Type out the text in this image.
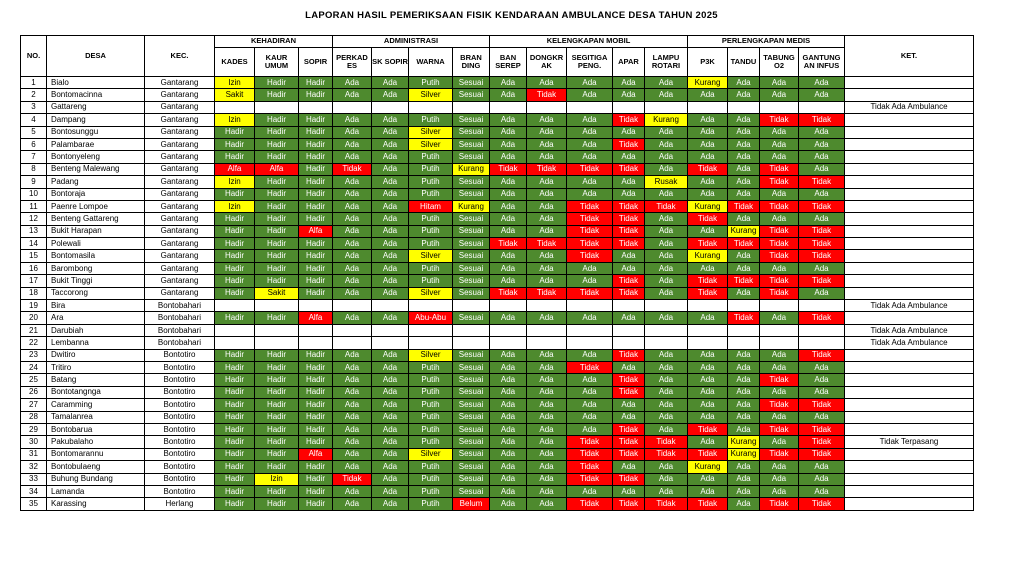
LAPORAN HASIL PEMERIKSAAN FISIK KENDARAAN AMBULANCE DESA TAHUN 2025
NO.	DESA	KEC.	KEHADIRAN			ADMINISTRASI				KELENGKAPAN MOBIL					PERLENGKAPAN MEDIS				KET.
			KADES	KAUR UMUM	SOPIR	PERKAD ES	SK SOPIR	WARNA	BRAN DING	BAN SEREP	DONGKR AK	SEGITIGA PENG.	APAR	LAMPU ROTARI	P3K	TANDU	TABUNG O2	GANTUNG AN INFUS	
1	Bialo	Gantarang	Izin	Hadir	Hadir	Ada	Ada	Putih	Sesuai	Ada	Ada	Ada	Ada	Ada	Kurang	Ada	Ada	Ada	
2	Bontomacinna	Gantarang	Sakit	Hadir	Hadir	Ada	Ada	Silver	Sesuai	Ada	Tidak	Ada	Ada	Ada	Ada	Ada	Ada	Ada	
3	Gattareng	Gantarang																	Tidak Ada Ambulance
4	Dampang	Gantarang	Izin	Hadir	Hadir	Ada	Ada	Putih	Sesuai	Ada	Ada	Ada	Tidak	Kurang	Ada	Ada	Tidak	Tidak	
5	Bontosunggu	Gantarang	Hadir	Hadir	Hadir	Ada	Ada	Silver	Sesuai	Ada	Ada	Ada	Ada	Ada	Ada	Ada	Ada	Ada	
6	Palambarae	Gantarang	Hadir	Hadir	Hadir	Ada	Ada	Silver	Sesuai	Ada	Ada	Ada	Tidak	Ada	Ada	Ada	Ada	Ada	
7	Bontonyeleng	Gantarang	Hadir	Hadir	Hadir	Ada	Ada	Putih	Sesuai	Ada	Ada	Ada	Ada	Ada	Ada	Ada	Ada	Ada	
8	Benteng Malewang	Gantarang	Alfa	Alfa	Hadir	Tidak	Ada	Putih	Kurang	Tidak	Tidak	Tidak	Tidak	Ada	Tidak	Ada	Tidak	Ada	
9	Padang	Gantarang	Izin	Hadir	Hadir	Ada	Ada	Putih	Sesuai	Ada	Ada	Ada	Ada	Rusak	Ada	Ada	Tidak	Tidak	
10	Bontoraja	Gantarang	Hadir	Hadir	Hadir	Ada	Ada	Putih	Sesuai	Ada	Ada	Ada	Ada	Ada	Ada	Ada	Ada	Ada	
11	Paenre Lompoe	Gantarang	Izin	Hadir	Hadir	Ada	Ada	Hitam	Kurang	Ada	Ada	Tidak	Tidak	Tidak	Kurang	Tidak	Tidak	Tidak	
12	Benteng Gattareng	Gantarang	Hadir	Hadir	Hadir	Ada	Ada	Putih	Sesuai	Ada	Ada	Tidak	Tidak	Ada	Tidak	Ada	Ada	Ada	
13	Bukit Harapan	Gantarang	Hadir	Hadir	Alfa	Ada	Ada	Putih	Sesuai	Ada	Ada	Tidak	Tidak	Ada	Ada	Kurang	Tidak	Tidak	
14	Polewali	Gantarang	Hadir	Hadir	Hadir	Ada	Ada	Putih	Sesuai	Tidak	Tidak	Tidak	Tidak	Ada	Tidak	Tidak	Tidak	Tidak	
15	Bontomasila	Gantarang	Hadir	Hadir	Hadir	Ada	Ada	Silver	Sesuai	Ada	Ada	Tidak	Ada	Ada	Kurang	Ada	Tidak	Tidak	
16	Barombong	Gantarang	Hadir	Hadir	Hadir	Ada	Ada	Putih	Sesuai	Ada	Ada	Ada	Ada	Ada	Ada	Ada	Ada	Ada	
17	Bukit Tinggi	Gantarang	Hadir	Hadir	Hadir	Ada	Ada	Putih	Sesuai	Ada	Ada	Ada	Tidak	Ada	Tidak	Tidak	Tidak	Tidak	
18	Taccorong	Gantarang	Hadir	Sakit	Hadir	Ada	Ada	Silver	Sesuai	Tidak	Tidak	Tidak	Tidak	Ada	Tidak	Ada	Tidak	Ada	
19	Bira	Bontobahari																	Tidak Ada Ambulance
20	Ara	Bontobahari	Hadir	Hadir	Alfa	Ada	Ada	Abu-Abu	Sesuai	Ada	Ada	Ada	Ada	Ada	Ada	Tidak	Ada	Tidak	
21	Darubiah	Bontobahari																	Tidak Ada Ambulance
22	Lembanna	Bontobahari																	Tidak Ada Ambulance
23	Dwitiro	Bontotiro	Hadir	Hadir	Hadir	Ada	Ada	Silver	Sesuai	Ada	Ada	Ada	Tidak	Ada	Ada	Ada	Ada	Tidak	
24	Tritiro	Bontotiro	Hadir	Hadir	Hadir	Ada	Ada	Putih	Sesuai	Ada	Ada	Tidak	Ada	Ada	Ada	Ada	Ada	Ada	
25	Batang	Bontotiro	Hadir	Hadir	Hadir	Ada	Ada	Putih	Sesuai	Ada	Ada	Ada	Tidak	Ada	Ada	Ada	Tidak	Ada	
26	Bontotangnga	Bontotiro	Hadir	Hadir	Hadir	Ada	Ada	Putih	Sesuai	Ada	Ada	Ada	Tidak	Ada	Ada	Ada	Ada	Ada	
27	Caramming	Bontotiro	Hadir	Hadir	Hadir	Ada	Ada	Putih	Sesuai	Ada	Ada	Ada	Ada	Ada	Ada	Ada	Tidak	Tidak	
28	Tamalanrea	Bontotiro	Hadir	Hadir	Hadir	Ada	Ada	Putih	Sesuai	Ada	Ada	Ada	Ada	Ada	Ada	Ada	Ada	Ada	
29	Bontobarua	Bontotiro	Hadir	Hadir	Hadir	Ada	Ada	Putih	Sesuai	Ada	Ada	Ada	Tidak	Ada	Tidak	Ada	Tidak	Tidak	
30	Pakubalaho	Bontotiro	Hadir	Hadir	Hadir	Ada	Ada	Putih	Sesuai	Ada	Ada	Tidak	Tidak	Tidak	Ada	Kurang	Ada	Tidak	Tidak Terpasang
31	Bontomarannu	Bontotiro	Hadir	Hadir	Alfa	Ada	Ada	Silver	Sesuai	Ada	Ada	Tidak	Tidak	Tidak	Tidak	Kurang	Tidak	Tidak	
32	Bontobulaeng	Bontotiro	Hadir	Hadir	Hadir	Ada	Ada	Putih	Sesuai	Ada	Ada	Tidak	Ada	Ada	Kurang	Ada	Ada	Ada	
33	Buhung Bundang	Bontotiro	Hadir	Izin	Hadir	Tidak	Ada	Putih	Sesuai	Ada	Ada	Tidak	Tidak	Ada	Ada	Ada	Ada	Ada	
34	Lamanda	Bontotiro	Hadir	Hadir	Hadir	Ada	Ada	Putih	Sesuai	Ada	Ada	Ada	Ada	Ada	Ada	Ada	Ada	Ada	
35	Karassing	Herlang	Hadir	Hadir	Hadir	Ada	Ada	Putih	Belum	Ada	Ada	Tidak	Tidak	Tidak	Tidak	Ada	Tidak	Tidak	
